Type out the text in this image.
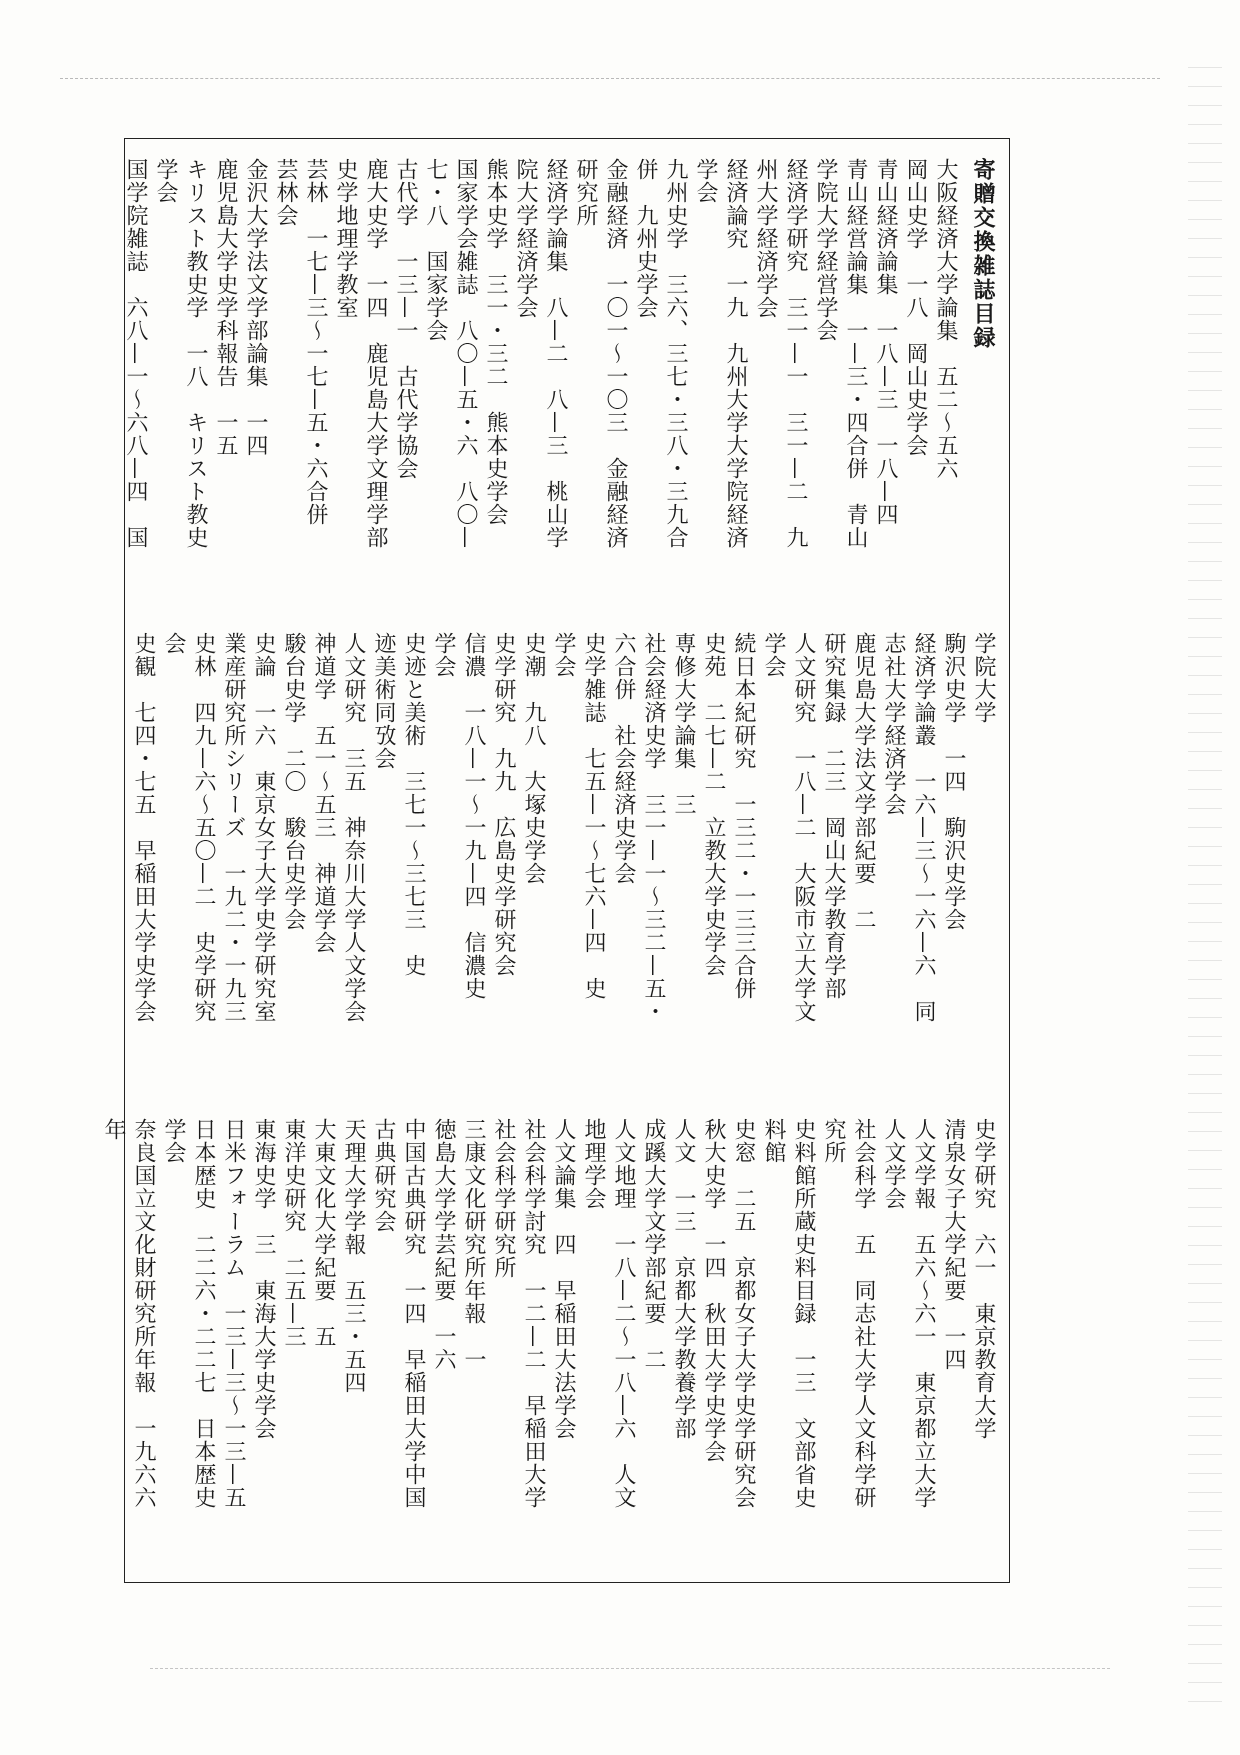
寄贈交換雑誌目録
大阪経済大学論集　五二〜五六
岡山史学　一八　岡山史学会
青山経済論集　一八—三　一八—四
青山経営論集　一—三・四合併　青山
学院大学経営学会
経済学研究　三一—一　三一—二　九
州大学経済学会
経済論究　一九　九州大学大学院経済
学会
九州史学　三六、三七・三八・三九合
併　九州史学会
金融経済　一〇一〜一〇三　金融経済
研究所
経済学論集　八—二　八—三　桃山学
院大学経済学会
熊本史学　三一・三二　熊本史学会
国家学会雑誌　八〇—五・六　八〇—
七・八　国家学会
古代学　一三—一　古代学協会
鹿大史学　一四　鹿児島大学文理学部
史学地理学教室
芸林　一七—三〜一七—五・六合併
芸林会
金沢大学法文学部論集　一四
鹿児島大学史学科報告　一五
キリスト教史学　一八　キリスト教史
学会
国学院雑誌　六八—一〜六八—四　国
学院大学
駒沢史学　一四　駒沢史学会
経済学論叢　一六—三〜一六—六　同
志社大学経済学会
鹿児島大学法文学部紀要　二
研究集録　二三　岡山大学教育学部
人文研究　一八—二　大阪市立大学文
学会
続日本紀研究　一三二・一三三合併
史苑　二七—二　立教大学史学会
専修大学論集　三
社会経済史学　三一—一〜三二—五・
六合併　社会経済史学会
史学雑誌　七五—一〜七六—四　史
学会
史潮　九八　大塚史学会
史学研究　九九　広島史学研究会
信濃　一八—一〜一九—四　信濃史
学会
史迹と美術　三七一〜三七三　史
迹美術同攷会
人文研究　三五　神奈川大学人文学会
神道学　五一〜五三　神道学会
駿台史学　二〇　駿台史学会
史論　一六　東京女子大学史学研究室
業産研究所シリーズ　一九二・一九三
史林　四九—六〜五〇—二　史学研究
会
史観　七四・七五　早稲田大学史学会
史学研究　六一　東京教育大学
清泉女子大学紀要　一四
人文学報　五六〜六一　東京都立大学
人文学会
社会科学　五　同志社大学人文科学研
究所
史料館所蔵史料目録　一三　文部省史
料館
史窓　二五　京都女子大学史学研究会
秋大史学　一四　秋田大学史学会
人文　一三　京都大学教養学部
成蹊大学文学部紀要　二
人文地理　一八—二〜一八—六　人文
地理学会
人文論集　四　早稲田大法学会
社会科学討究　一二—二　早稲田大学
社会科学研究所
三康文化研究所年報　一
徳島大学学芸紀要　一六
中国古典研究　一四　早稲田大学中国
古典研究会
天理大学学報　五三・五四
大東文化大学紀要　五
東洋史研究　二五—三
東海史学　三　東海大学史学会
日米フォーラム　一三—三〜一三—五
日本歴史　二二六・二二七　日本歴史
学会
奈良国立文化財研究所年報　一九六六
年
